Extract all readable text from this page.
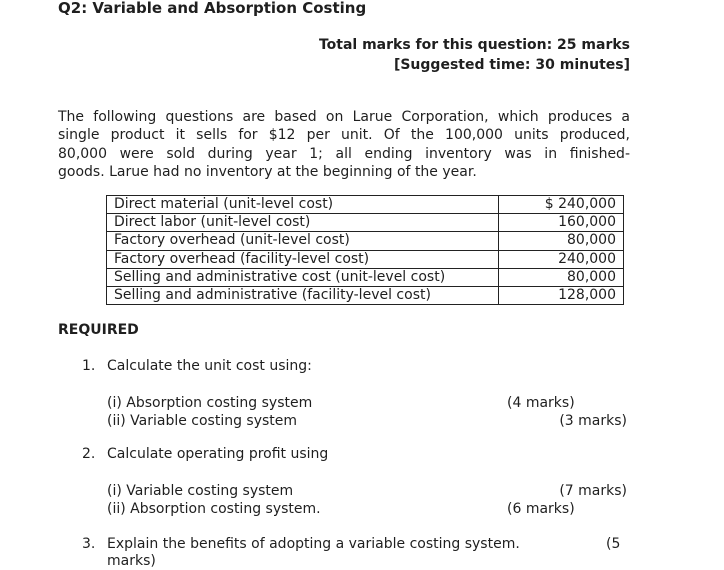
Q2: Variable and Absorption Costing
Total marks for this question: 25 marks
[Suggested time: 30 minutes]
The following questions are based on Larue Corporation, which produces a
single product it sells for $12 per unit. Of the 100,000 units produced,
80,000 were sold during year 1; all ending inventory was in finished-
goods. Larue had no inventory at the beginning of the year.
Direct material (unit-level cost)	$ 240,000
Direct labor (unit-level cost)	160,000
Factory overhead (unit-level cost)	80,000
Factory overhead (facility-level cost)	240,000
Selling and administrative cost (unit-level cost)	80,000
Selling and administrative (facility-level cost)	128,000
REQUIRED
1. Calculate the unit cost using:
(i) Absorption costing system	(4 marks)
(ii) Variable costing system	(3 marks)
2. Calculate operating profit using
(i) Variable costing system	(7 marks)
(ii) Absorption costing system.	(6 marks)
3. Explain the benefits of adopting a variable costing system.	(5
marks)
